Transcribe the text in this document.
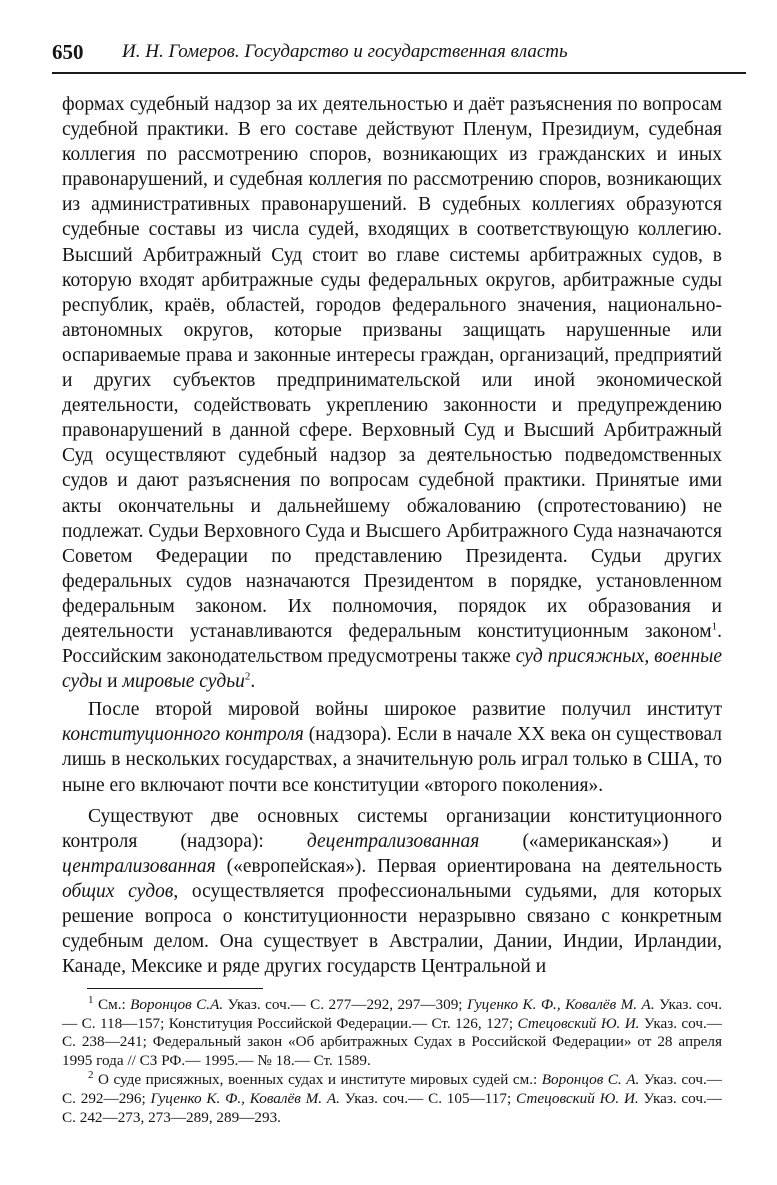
650 И. Н. Гомеров. Государство и государственная власть

формах судебный надзор за их деятельностью и даёт разъяснения по вопросам судебной практики. В его составе действуют Пленум, Президиум, судебная коллегия по рассмотрению споров, возникающих из гражданских и иных правонарушений, и судебная коллегия по рассмотрению споров, возникающих из административных правонарушений. В судебных коллегиях образуются судебные составы из числа судей, входящих в соответствующую коллегию. Высший Арбитражный Суд стоит во главе системы арбитражных судов, в которую входят арбитражные суды федеральных округов, арбитражные суды республик, краёв, областей, городов федерального значения, национально-автономных округов, которые призваны защищать нарушенные или оспариваемые права и законные интересы граждан, организаций, предприятий и других субъектов предпринимательской или иной экономической деятельности, содействовать укреплению законности и предупреждению правонарушений в данной сфере. Верховный Суд и Высший Арбитражный Суд осуществляют судебный надзор за деятельностью подведомственных судов и дают разъяснения по вопросам судебной практики. Принятые ими акты окончательны и дальнейшему обжалованию (спротестованию) не подлежат. Судьи Верховного Суда и Высшего Арбитражного Суда назначаются Советом Федерации по представлению Президента. Судьи других федеральных судов назначаются Президентом в порядке, установленном федеральным законом. Их полномочия, порядок их образования и деятельности устанавливаются федеральным конституционным законом$^1$. Российским законодательством предусмотрены также суд присяжных, военные суды и мировые судьи$^2$.

После второй мировой войны широкое развитие получил институт конституционного контроля (надзора). Если в начале XX века он существовал лишь в нескольких государствах, а значительную роль играл только в США, то ныне его включают почти все конституции «второго поколения».

Существуют две основных системы организации конституционного контроля (надзора): децентрализованная («американская») и централизованная («европейская»). Первая ориентирована на деятельность общих судов, осуществляется профессиональными судьями, для которых решение вопроса о конституционности неразрывно связано с конкретным судебным делом. Она существует в Австралии, Дании, Индии, Ирландии, Канаде, Мексике и ряде других государств Центральной и

$^1$ См.: Воронцов С.А. Указ. соч.— С. 277—292, 297—309; Гуценко К. Ф., Ковалёв М. А. Указ. соч.— С. 118—157; Конституция Российской Федерации.— Ст. 126, 127; Стецовский Ю. И. Указ. соч.— С. 238—241; Федеральный закон «Об арбитражных Судах в Российской Федерации» от 28 апреля 1995 года // СЗ РФ.— 1995.— № 18.— Ст. 1589.

$^2$ О суде присяжных, военных судах и институте мировых судей см.: Воронцов С. А. Указ. соч.— С. 292—296; Гуценко К. Ф., Ковалёв М. А. Указ. соч.— С. 105—117; Стецовский Ю. И. Указ. соч.— С. 242—273, 273—289, 289—293.
